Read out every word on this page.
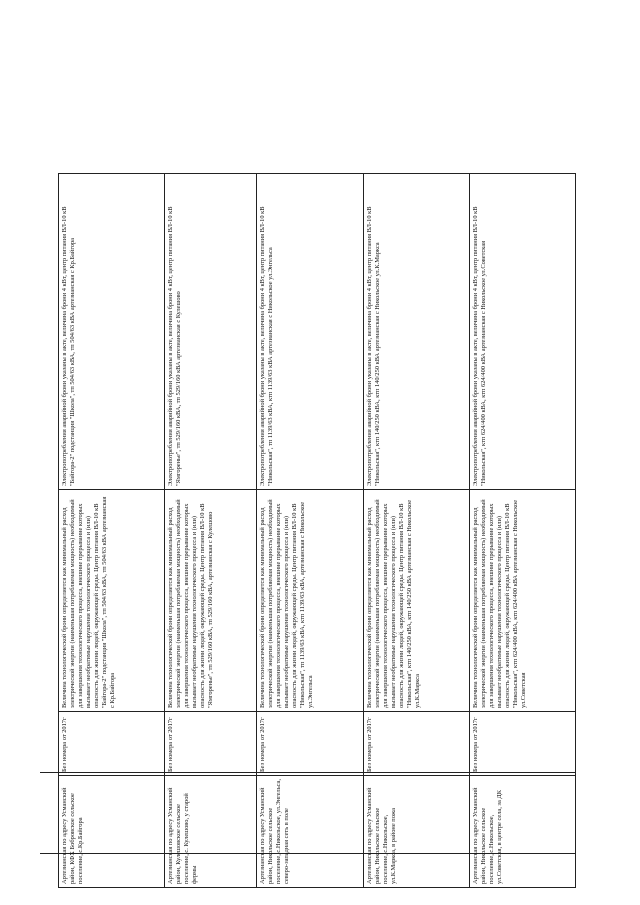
Артезианская по адресу Усманский район, КФХ Бобровское сельское поселение, с.Кр.Байгора	Без номера от 2017г	Величина технологической брони определяется как минимальный расход электрической энергии (наименьшая потребляемая мощность) необходимый для завершения технологического процесса, внешние прерывание которых вызывает необратимые нарушения технологического процесса и (или) опасность для жизни людей, окружающей среды. Центр питания ВЛ-10 кВ "Байгора-2" подстанция "Школа", тп 504/63 кВА, тп 504/63 кВА артезианская с Кр.Байгора	Электропотребления аварийной брони указаны в акте, величина брони 4 кВт, центр питания ВЛ-10 кВ "Байгора-2" подстанция "Школа", тп 504/63 кВА, тп 504/63 кВА артезианская с Кр.Байгора
Артезианская по адресу Усманский район, Кулешовское сельское поселение, с. Кулешово, у старой фермы	Без номера от 2017г	Величина технологической брони определяется как минимальный расход электрической энергии (наименьшая потребляемая мощность) необходимый для завершения технологического процесса, внешние прерывание которых вызывает необратимые нарушения технологического процесса и (или) опасность для жизни людей, окружающей среды. Центр питания ВЛ-10 кВ "Ямгоренье", тп 529/160 кВА, тп 529/160 кВА, артезианская с Кулешово	Электропотребления аварийной брони указаны в акте, величина брони 4 кВт, центр питания ВЛ-10 кВ "Ямгоренье", тп 529/160 кВА, тп 529/160 кВА артезианская с Кулешово
Артезианская по адресу Усманский район, Никольское сельское поселение, с.Никольское, ул.Энгельса, северо-западная сеть в поле	Без номера от 2017г	Величина технологической брони определяется как минимальный расход электрической энергии (наименьшая потребляемая мощность) необходимый для завершения технологического процесса, внешние прерывание которых вызывает необратимые нарушения технологического процесса и (или) опасность для жизни людей, окружающей среды. Центр питания ВЛ-10 кВ "Никольская", тп 1139/63 кВА, ктп 1139/63 кВА, артезианская с Никольское ул.Энгельса	Электропотребления аварийной брони указаны в акте, величина брони 4 кВт, центр питания ВЛ-10 кВ "Никольская", тп 1139/63 кВА, ктп 1139/63 кВА артезианская с Никольское ул.Энгельса
Артезианская по адресу Усманский район, Никольское сельское поселение, с.Никольское, ул.К.Маркса, в районе пожа	Без номера от 2017г	Величина технологической брони определяется как минимальный расход электрической энергии (наименьшая потребляемая мощность) необходимый для завершения технологического процесса, внешние прерывание которых вызывает необратимые нарушения технологического процесса и (или) опасность для жизни людей, окружающей среды. Центр питания ВЛ-10 кВ "Никольская", ктп 140/250 кВА, ктп 140/250 кВА артезианская с Никольское ул.К.Маркса	Электропотребления аварийной брони указаны в акте, величина брони 4 кВт, центр питания ВЛ-10 кВ "Никольская", ктп 140/250 кВА, ктп 140/250 кВА артезианская с Никольское ул.К.Маркса
Артезианская по адресу Усманский район, Никольское сельское поселение, с.Никольское, ул.Советская, в центре села, за ДК	Без номера от 2017г	Величина технологической брони определяется как минимальный расход электрической энергии (наименьшая потребляемая мощность) необходимый для завершения технологического процесса, внешние прерывание которых вызывает необратимые нарушения технологического процесса и (или) опасность для жизни людей, окружающей среды. Центр питания ВЛ-10 кВ "Никольская", ктп 624/400 кВА, ктп 624/400 кВА артезианская с Никольское ул.Советская	Электропотребления аварийной брони указаны в акте, величина брони 4 кВт, центр питания ВЛ-10 кВ "Никольская", ктп 624/400 кВА, ктп 624/400 кВА артезианская с Никольское ул.Советская
